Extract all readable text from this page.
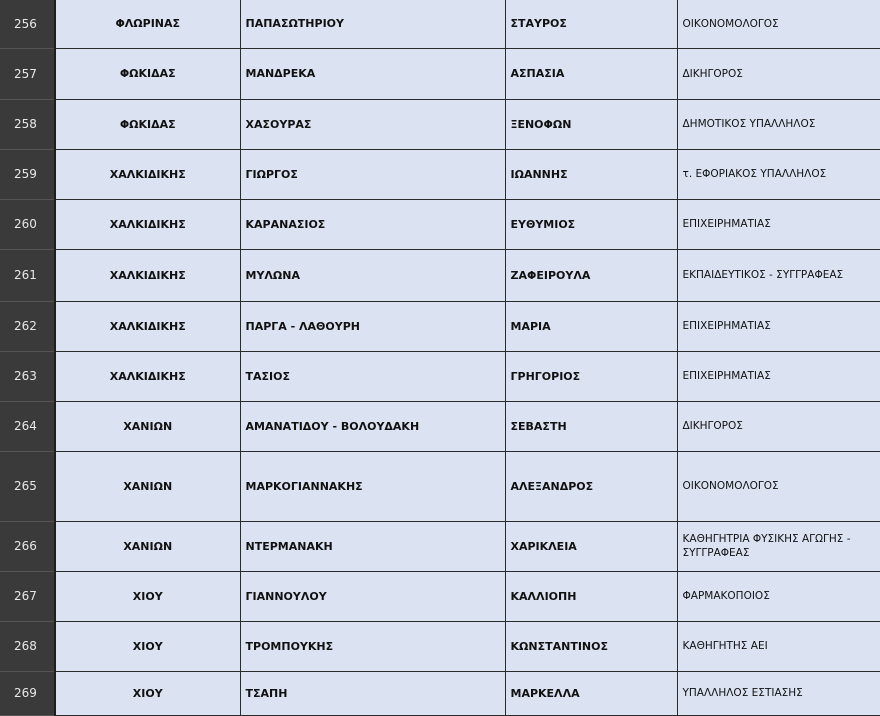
256	ΦΛΩΡΙΝΑΣ	ΠΑΠΑΣΩΤΗΡΙΟΥ	ΣΤΑΥΡΟΣ	ΟΙΚΟΝΟΜΟΛΟΓΟΣ
257	ΦΩΚΙΔΑΣ	ΜΑΝΔΡΕΚΑ	ΑΣΠΑΣΙΑ	ΔΙΚΗΓΟΡΟΣ
258	ΦΩΚΙΔΑΣ	ΧΑΣΟΥΡΑΣ	ΞΕΝΟΦΩΝ	ΔΗΜΟΤΙΚΟΣ ΥΠΑΛΛΗΛΟΣ
259	ΧΑΛΚΙΔΙΚΗΣ	ΓΙΩΡΓΟΣ	ΙΩΑΝΝΗΣ	τ. ΕΦΟΡΙΑΚΟΣ ΥΠΑΛΛΗΛΟΣ
260	ΧΑΛΚΙΔΙΚΗΣ	ΚΑΡΑΝΑΣΙΟΣ	ΕΥΘΥΜΙΟΣ	ΕΠΙΧΕΙΡΗΜΑΤΙΑΣ
261	ΧΑΛΚΙΔΙΚΗΣ	ΜΥΛΩΝΑ	ΖΑΦΕΙΡΟΥΛΑ	ΕΚΠΑΙΔΕΥΤΙΚΟΣ - ΣΥΓΓΡΑΦΕΑΣ
262	ΧΑΛΚΙΔΙΚΗΣ	ΠΑΡΓΑ - ΛΑΘΟΥΡΗ	ΜΑΡΙΑ	ΕΠΙΧΕΙΡΗΜΑΤΙΑΣ
263	ΧΑΛΚΙΔΙΚΗΣ	ΤΑΣΙΟΣ	ΓΡΗΓΟΡΙΟΣ	ΕΠΙΧΕΙΡΗΜΑΤΙΑΣ
264	ΧΑΝΙΩΝ	ΑΜΑΝΑΤΙΔΟΥ - ΒΟΛΟΥΔΑΚΗ	ΣΕΒΑΣΤΗ	ΔΙΚΗΓΟΡΟΣ
265	ΧΑΝΙΩΝ	ΜΑΡΚΟΓΙΑΝΝΑΚΗΣ	ΑΛΕΞΑΝΔΡΟΣ	ΟΙΚΟΝΟΜΟΛΟΓΟΣ
266	ΧΑΝΙΩΝ	ΝΤΕΡΜΑΝΑΚΗ	ΧΑΡΙΚΛΕΙΑ	ΚΑΘΗΓΗΤΡΙΑ ΦΥΣΙΚΗΣ ΑΓΩΓΗΣ - ΣΥΓΓΡΑΦΕΑΣ
267	ΧΙΟΥ	ΓΙΑΝΝΟΥΛΟΥ	ΚΑΛΛΙΟΠΗ	ΦΑΡΜΑΚΟΠΟΙΟΣ
268	ΧΙΟΥ	ΤΡΟΜΠΟΥΚΗΣ	ΚΩΝΣΤΑΝΤΙΝΟΣ	ΚΑΘΗΓΗΤΗΣ ΑΕΙ
269	ΧΙΟΥ	ΤΣΑΠΗ	ΜΑΡΚΕΛΛΑ	ΥΠΑΛΛΗΛΟΣ ΕΣΤΙΑΣΗΣ
